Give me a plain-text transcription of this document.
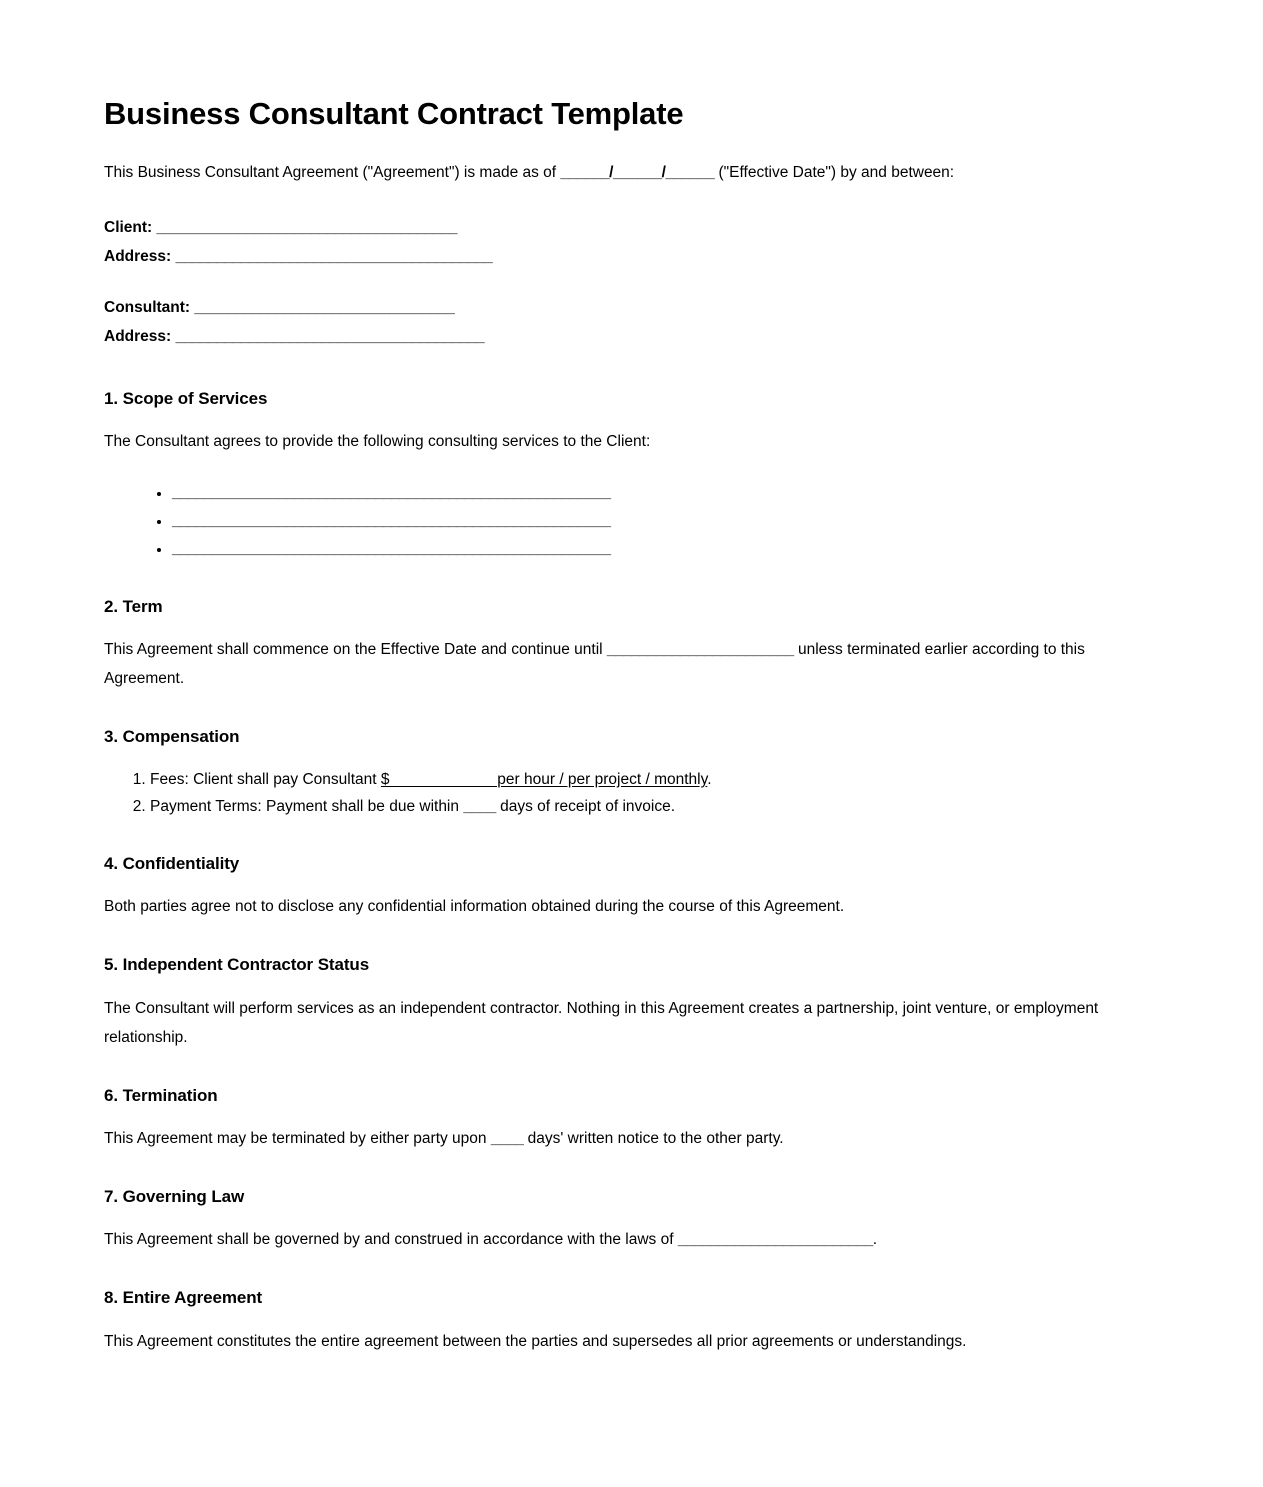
Business Consultant Contract Template

This Business Consultant Agreement ("Agreement") is made as of ______/______/______ ("Effective Date") by and between:

Client: _____________________________________
Address: _______________________________________
Consultant: ________________________________
Address: ______________________________________
1. Scope of Services

The Consultant agrees to provide the following consulting services to the Client:

• ______________________________________________________
• ______________________________________________________
• ______________________________________________________
2. Term

This Agreement shall commence on the Effective Date and continue until _______________________ unless terminated earlier according to this Agreement.

3. Compensation
1. Fees: Client shall pay Consultant $____________ per hour / per project / monthly.
2. Payment Terms: Payment shall be due within ____ days of receipt of invoice.
4. Confidentiality

Both parties agree not to disclose any confidential information obtained during the course of this Agreement.

5. Independent Contractor Status

The Consultant will perform services as an independent contractor. Nothing in this Agreement creates a partnership, joint venture, or employment relationship.

6. Termination

This Agreement may be terminated by either party upon ____ days' written notice to the other party.

7. Governing Law

This Agreement shall be governed by and construed in accordance with the laws of ________________________.

8. Entire Agreement

This Agreement constitutes the entire agreement between the parties and supersedes all prior agreements or understandings.
